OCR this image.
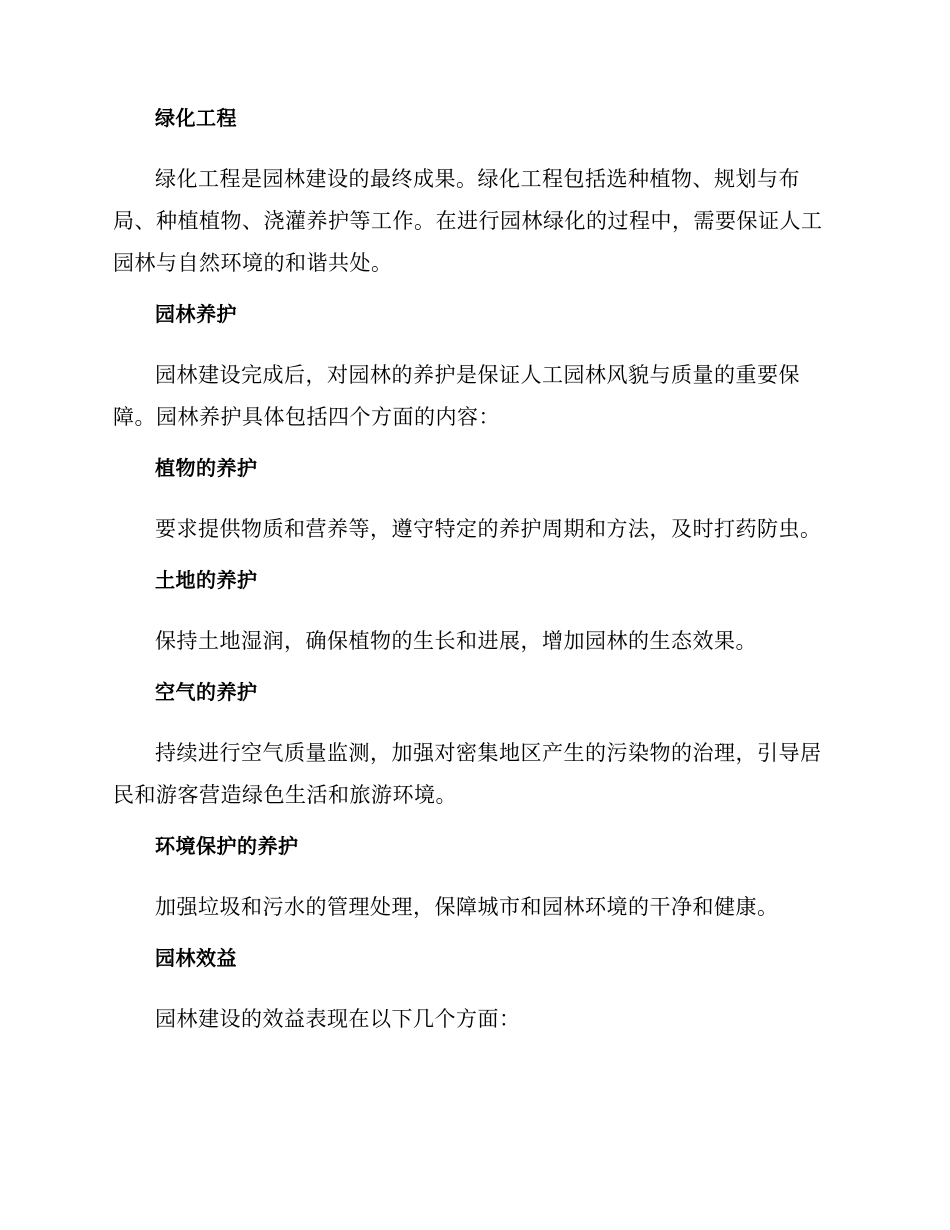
绿化工程
绿化工程是园林建设的最终成果。绿化工程包括选种植物、规划与布局、种植植物、浇灌养护等工作。在进行园林绿化的过程中，需要保证人工园林与自然环境的和谐共处。
园林养护
园林建设完成后，对园林的养护是保证人工园林风貌与质量的重要保障。园林养护具体包括四个方面的内容：
植物的养护
要求提供物质和营养等，遵守特定的养护周期和方法，及时打药防虫。
土地的养护
保持土地湿润，确保植物的生长和进展，增加园林的生态效果。
空气的养护
持续进行空气质量监测，加强对密集地区产生的污染物的治理，引导居民和游客营造绿色生活和旅游环境。
环境保护的养护
加强垃圾和污水的管理处理，保障城市和园林环境的干净和健康。
园林效益
园林建设的效益表现在以下几个方面：
